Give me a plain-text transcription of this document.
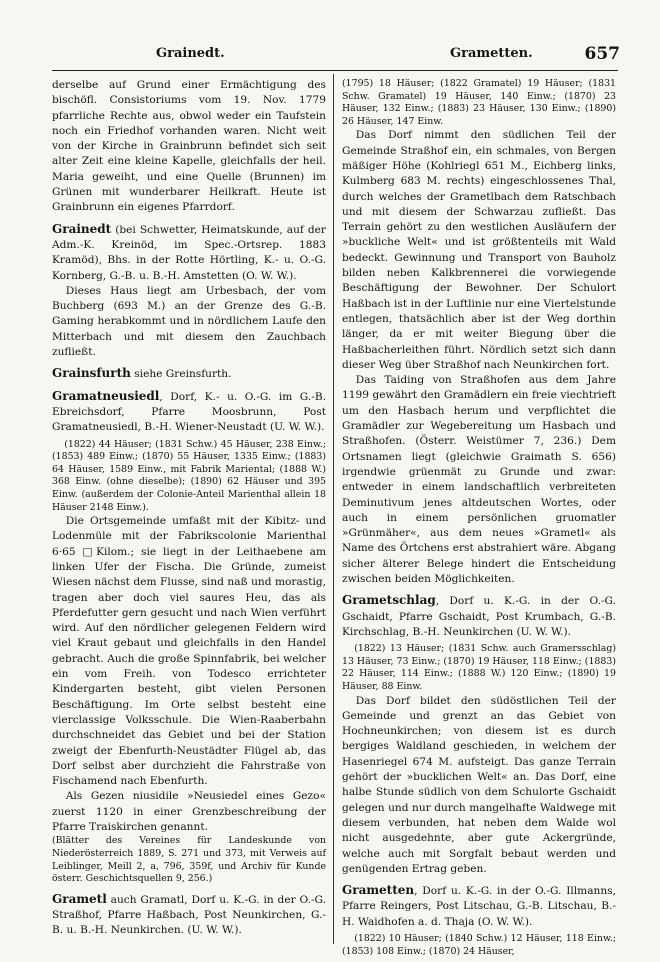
Grainedt.	Grametten.	657

derselbe auf Grund einer Ermächtigung des bischöfl. Consistoriums vom 19. Nov. 1779 pfarrliche Rechte aus, obwol weder ein Taufstein noch ein Friedhof vorhanden waren. Nicht weit von der Kirche in Grainbrunn befindet sich seit alter Zeit eine kleine Kapelle, gleichfalls der heil. Maria geweiht, und eine Quelle (Brunnen) im Grünen mit wunderbarer Heilkraft. Heute ist Grainbrunn ein eigenes Pfarrdorf.

Grainedt (bei Schwetter, Heimatskunde, auf der Adm.-K. Kreinöd, im Spec.-Ortsrep. 1883 Kramöd), Bhs. in der Rotte Hörtling, K.- u. O.-G. Kornberg, G.-B. u. B.-H. Amstetten (O. W. W.).

Dieses Haus liegt am Urbesbach, der vom Buchberg (693 M.) an der Grenze des G.-B. Gaming herabkommt und in nördlichem Laufe den Mitterbach und mit diesem den Zauchbach zufließt.

Grainsfurth siehe Greinsfurth.

Gramatneusiedl, Dorf, K.- u. O.-G. im G.-B. Ebreichsdorf, Pfarre Moosbrunn, Post Gramatneusiedl, B.-H. Wiener-Neustadt (U. W. W.).

(1822) 44 Häuser; (1831 Schw.) 45 Häuser, 238 Einw.; (1853) 489 Einw.; (1870) 55 Häuser, 1335 Einw.; (1883) 64 Häuser, 1589 Einw., mit Fabrik Mariental; (1888 W.) 368 Einw. (ohne dieselbe); (1890) 62 Häuser und 395 Einw. (außerdem der Colonie-Anteil Marienthal allein 18 Häuser 2148 Einw.).

Die Ortsgemeinde umfaßt mit der Kibitz- und Lodenmüle mit der Fabrikscolonie Marienthal 6·65 □Kilom.; sie liegt in der Leithaebene am linken Ufer der Fischa. Die Gründe, zumeist Wiesen nächst dem Flusse, sind naß und morastig, tragen aber doch viel saures Heu, das als Pferdefutter gern gesucht und nach Wien verführt wird. Auf den nördlicher gelegenen Feldern wird viel Kraut gebaut und gleichfalls in den Handel gebracht. Auch die große Spinnfabrik, bei welcher ein vom Freih. von Todesco errichteter Kindergarten besteht, gibt vielen Personen Beschäftigung. Im Orte selbst besteht eine vierclassige Volksschule. Die Wien-Raaberbahn durchschneidet das Gebiet und bei der Station zweigt der Ebenfurth-Neustädter Flügel ab, das Dorf selbst aber durchzieht die Fahrstraße von Fischamend nach Ebenfurth.

Als Gezen niusidile »Neusiedel eines Gezo« zuerst 1120 in einer Grenzbeschreibung der Pfarre Traiskirchen genannt.

(Blätter des Vereines für Landeskunde von Niederösterreich 1889, S. 271 und 373, mit Verweis auf Leiblinger, Meill 2, a, 796, 359f, und Archiv für Kunde österr. Geschichtsquellen 9, 256.)

Grametl auch Gramatl, Dorf u. K.-G. in der O.-G. Straßhof, Pfarre Haßbach, Post Neunkirchen, G.-B. u. B.-H. Neunkirchen. (U. W. W.).

(1795) 18 Häuser; (1822 Gramatel) 19 Häuser; (1831 Schw. Gramatel) 19 Häuser, 140 Einw.; (1870) 23 Häuser, 132 Einw.; (1883) 23 Häuser, 130 Einw.; (1890) 26 Häuser, 147 Einw.

Das Dorf nimmt den südlichen Teil der Gemeinde Straßhof ein, ein schmales, von Bergen mäßiger Höhe (Kohlriegl 651 M., Eichberg links, Kulmberg 683 M. rechts) eingeschlossenes Thal, durch welches der Grametlbach dem Ratschbach und mit diesem der Schwarzau zufließt. Das Terrain gehört zu den westlichen Ausläufern der »buckliche Welt« und ist größtenteils mit Wald bedeckt. Gewinnung und Transport von Bauholz bilden neben Kalkbrennerei die vorwiegende Beschäftigung der Bewohner. Der Schulort Haßbach ist in der Luftlinie nur eine Viertelstunde entlegen, thatsächlich aber ist der Weg dorthin länger, da er mit weiter Biegung über die Haßbacherleithen führt. Nördlich setzt sich dann dieser Weg über Straßhof nach Neunkirchen fort.

Das Taiding von Straßhofen aus dem Jahre 1199 gewährt den Gramädlern ein freie viechtrieft um den Hasbach herum und verpflichtet die Gramädler zur Wegebereitung um Hasbach und Straßhofen. (Österr. Weistümer 7, 236.) Dem Ortsnamen liegt (gleichwie Graimath S. 656) irgendwie grüenmät zu Grunde und zwar: entweder in einem landschaftlich verbreiteten Deminutivum jenes altdeutschen Wortes, oder auch in einem persönlichen gruomatler »Grünmäher«, aus dem neues »Grametl« als Name des Örtchens erst abstrahiert wäre. Abgang sicher älterer Belege hindert die Entscheidung zwischen beiden Möglichkeiten.

Grametschlag, Dorf u. K.-G. in der O.-G. Gschaidt, Pfarre Gschaidt, Post Krumbach, G.-B. Kirchschlag, B.-H. Neunkirchen (U. W. W.).

(1822) 13 Häuser; (1831 Schw. auch Gramersschlag) 13 Häuser, 73 Einw.; (1870) 19 Häuser, 118 Einw.; (1883) 22 Häuser, 114 Einw.; (1888 W.) 120 Einw.; (1890) 19 Häuser, 88 Einw.

Das Dorf bildet den südöstlichen Teil der Gemeinde und grenzt an das Gebiet von Hochneunkirchen; von diesem ist es durch bergiges Waldland geschieden, in welchem der Hasenriegel 674 M. aufsteigt. Das ganze Terrain gehört der »bucklichen Welt« an. Das Dorf, eine halbe Stunde südlich von dem Schulorte Gschaidt gelegen und nur durch mangelhafte Waldwege mit diesem verbunden, hat neben dem Walde wol nicht ausgedehnte, aber gute Ackergründe, welche auch mit Sorgfalt bebaut werden und genügenden Ertrag geben.

Grametten, Dorf u. K.-G. in der O.-G. Illmanns, Pfarre Reingers, Post Litschau, G.-B. Litschau, B.-H. Waidhofen a. d. Thaja (O. W. W.).

(1822) 10 Häuser; (1840 Schw.) 12 Häuser, 118 Einw.; (1853) 108 Einw.; (1870) 24 Häuser,
